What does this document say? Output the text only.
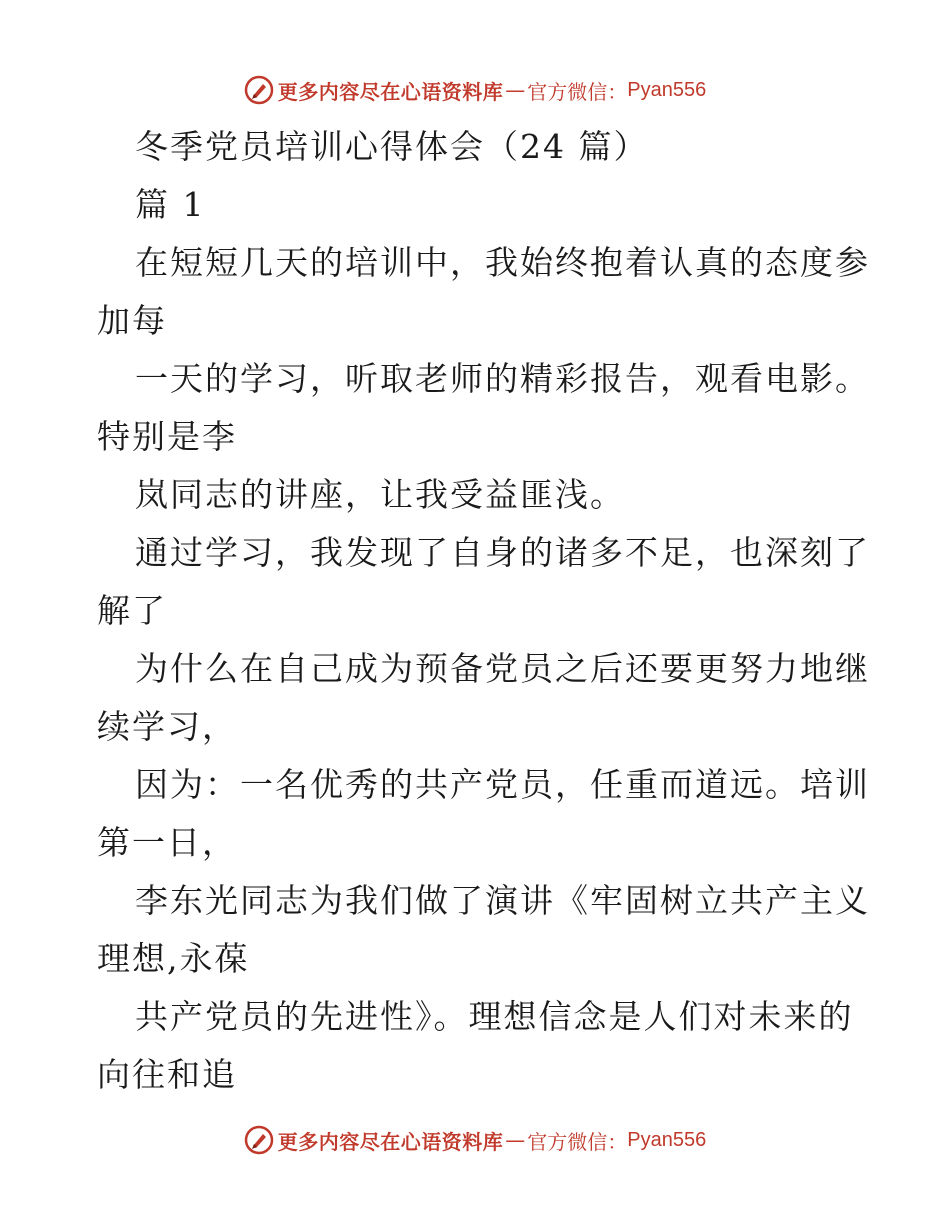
更多内容尽在心语资料库 — 官方微信： Pyan556
冬季党员培训心得体会（24 篇）
篇 1
在短短几天的培训中，我始终抱着认真的态度参
加每
一天的学习，听取老师的精彩报告，观看电影。
特别是李
岚同志的讲座，让我受益匪浅。
通过学习，我发现了自身的诸多不足，也深刻了
解了
为什么在自己成为预备党员之后还要更努力地继
续学习，
因为：一名优秀的共产党员，任重而道远。培训
第一日，
李东光同志为我们做了演讲《牢固树立共产主义
理想,永葆
共产党员的先进性》。理想信念是人们对未来的
向往和追
更多内容尽在心语资料库 — 官方微信： Pyan556
